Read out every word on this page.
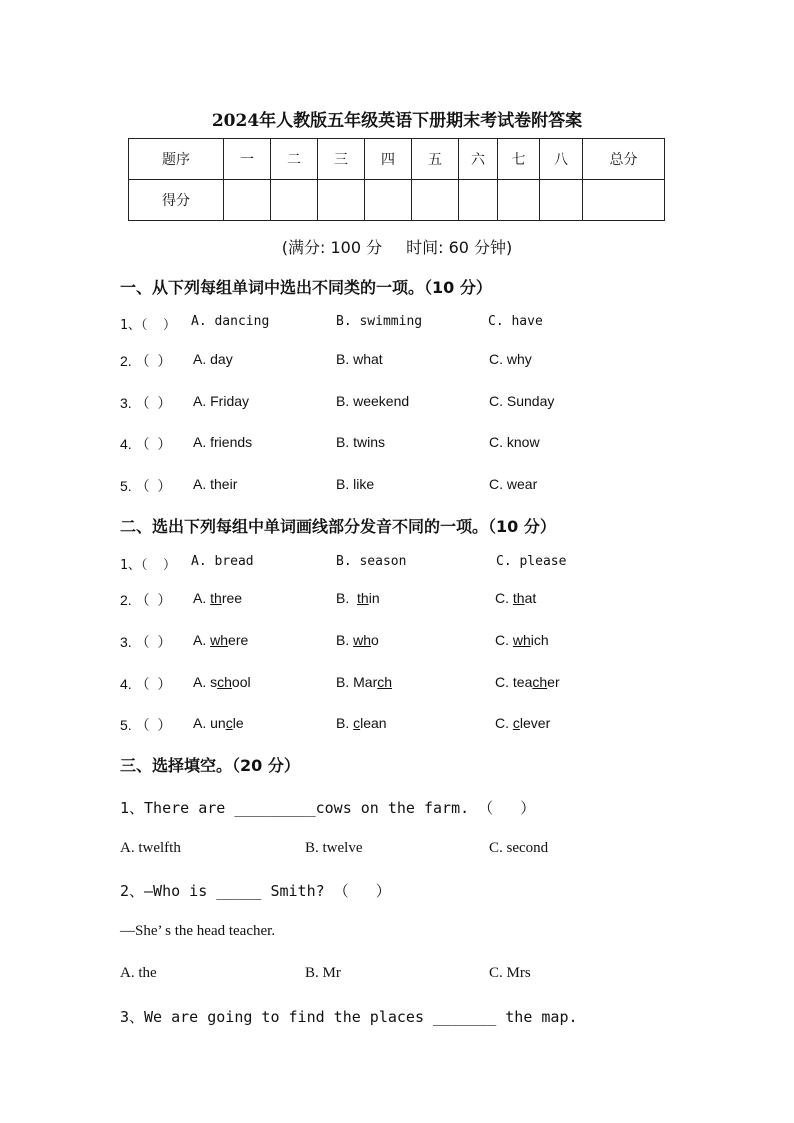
2024年人教版五年级英语下册期末考试卷附答案
题序	一	二	三	四	五	六	七	八	总分
得分									
(满分: 100 分 时间: 60 分钟)
一、从下列每组单词中选出不同类的一项。（10 分）
1、（  ） A. dancing	B. swimming	C. have
2. （  ） A. day	B. what	C. why
3. （  ） A. Friday	B. weekend	C. Sunday
4. （  ） A. friends	B. twins	C. know
5. （  ） A. their	B. like	C. wear
二、选出下列每组中单词画线部分发音不同的一项。（10 分）
1、（  ） A. bread	B. season	C. please
2. （  ） A. three	B.  thin	C. that
3. （  ） A. where	B. who	C. which
4. （  ） A. school	B. March	C. teacher
5. （  ） A. uncle	B. clean	C. clever
三、选择填空。（20 分）
1、There are _________cows on the farm. （   ）
A. twelfth	B. twelve	C. second
2、—Who is _____ Smith? （   ）
—She’ s the head teacher.
A. the	B. Mr	C. Mrs
3、We are going to find the places _______ the map.
